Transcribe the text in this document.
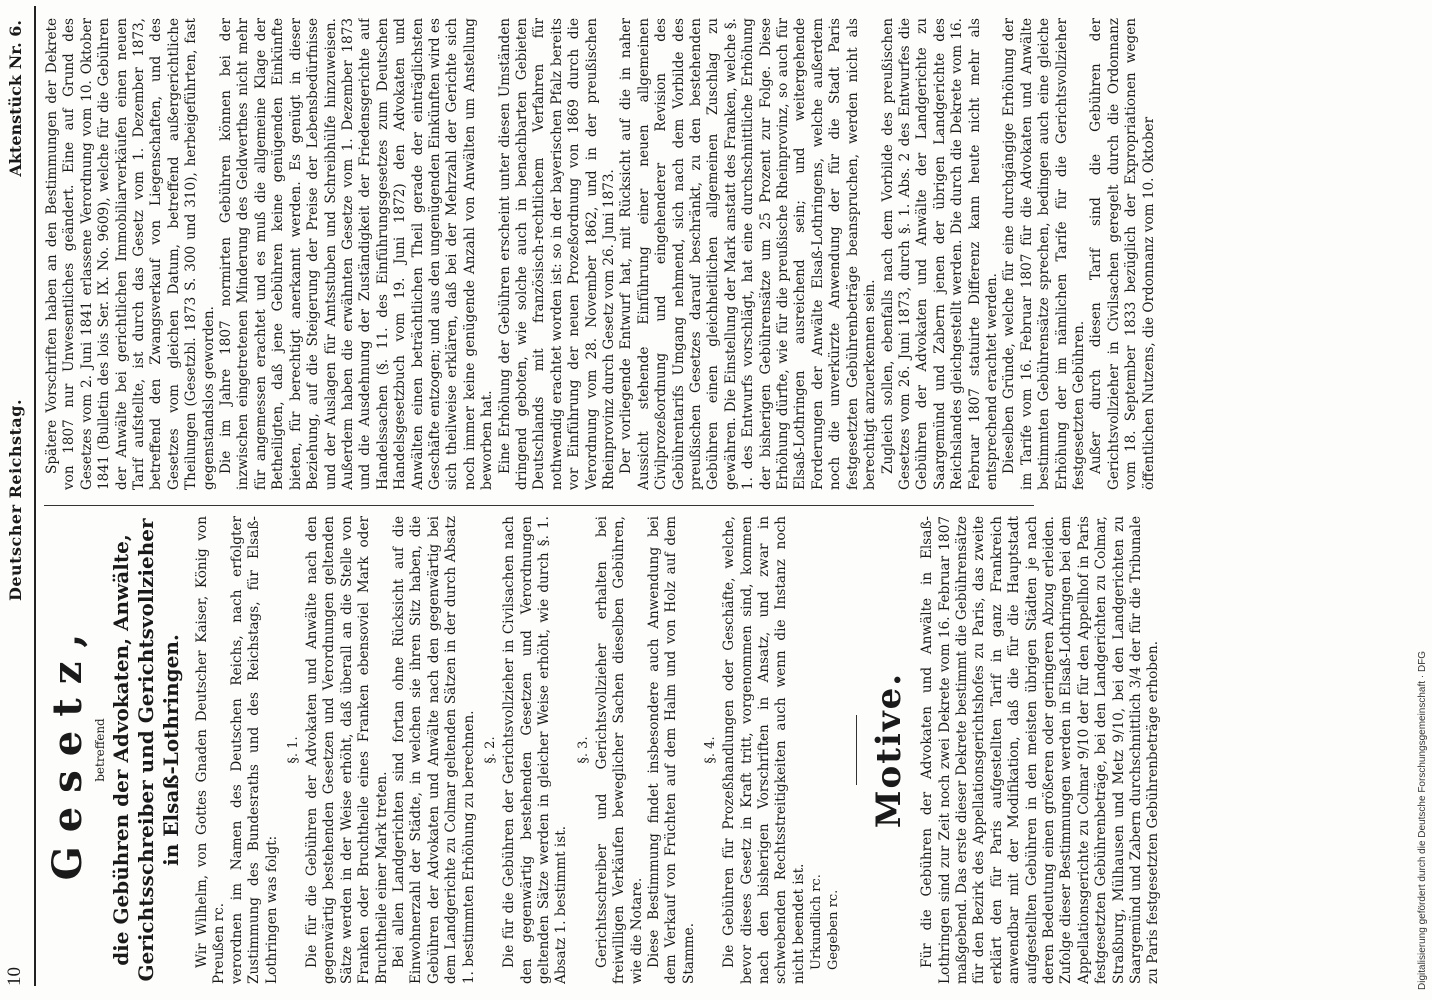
10
Deutscher Reichstag.
Aktenstück Nr. 6.
Gesetz, betreffend die Gebühren der Advokaten, Anwälte, Gerichtsschreiber und Gerichtsvollzieher in Elsaß-Lothringen. Wir Wilhelm, von Gottes Gnaden Deutscher Kaiser, König von Preußen rc. verordnen im Namen des Deutschen Reichs, nach erfolgter Zustimmung des Bundesraths und des Reichstags, für Elsaß-Lothringen was folgt:

§. 1. Die für die Gebühren der Advokaten und Anwälte nach den gegenwärtig bestehenden Gesetzen und Verordnungen geltenden Sätze werden in der Weise erhöht, daß überall an die Stelle von Franken oder Bruchtheile eines Franken ebensoviel Mark oder Bruchtheile einer Mark treten. Bei allen Landgerichten sind fortan ohne Rücksicht auf die Einwohnerzahl der Städte, in welchen sie ihren Sitz haben, die Gebühren der Advokaten und Anwälte nach den gegenwärtig bei dem Landgerichte zu Colmar geltenden Sätzen in der durch Absatz 1. bestimmten Erhöhung zu berechnen. §. 2. Die für die Gebühren der Gerichtsvollzieher in Civilsachen nach den gegenwärtig bestehenden Gesetzen und Verordnungen geltenden Sätze werden in gleicher Weise erhöht, wie durch §. 1. Absatz 1. bestimmt ist.

§. 3. Gerichtsschreiber und Gerichtsvollzieher erhalten bei freiwilligen Verkäufen beweglicher Sachen dieselben Gebühren, wie die Notare. Diese Bestimmung findet insbesondere auch Anwendung bei dem Verkauf von Früchten auf dem Halm und von Holz auf dem Stamme.

§. 4. Die Gebühren für Prozeßhandlungen oder Geschäfte, welche, bevor dieses Gesetz in Kraft tritt, vorgenommen sind, kommen nach den bisherigen Vorschriften in Ansatz, und zwar in schwebenden Rechtsstreitigkeiten auch wenn die Instanz noch nicht beendet ist. Urkundlich rc. Gegeben rc.

Motive. Für die Gebühren der Advokaten und Anwälte in Elsaß-Lothringen sind zur Zeit noch zwei Dekrete vom 16. Februar 1807 maßgebend. Das erste dieser Dekrete bestimmt die Gebührensätze für den Bezirk des Appellationsgerichtshofes zu Paris, das zweite erklärt den für Paris aufgestellten Tarif in ganz Frankreich anwendbar mit der Modifikation, daß die für die Hauptstadt aufgestellten Gebühren in den meisten übrigen Städten je nach deren Bedeutung einen größeren oder geringeren Abzug erleiden. Zufolge dieser Bestimmungen werden in Elsaß-Lothringen bei dem Appellationsgerichte zu Colmar 9/10 der für den Appellhof in Paris festgesetzten Gebührenbeträge, bei den Landgerichten zu Colmar, Straßburg, Mülhausen und Metz 9/10, bei den Landgerichten zu Saargemünd und Zabern durchschnittlich 3/4 der für die Tribunale zu Paris festgesetzten Gebührenbeträge erhoben.

Spätere Vorschriften haben an den Bestimmungen der Dekrete von 1807 nur Unwesentliches geändert. Eine auf Grund des Gesetzes vom 2. Juni 1841 erlassene Verordnung vom 10. Oktober 1841 (Bulletin des lois Ser. IX. No. 9609), welche für die Gebühren der Anwälte bei gerichtlichen Immobiliarverkäufen einen neuen Tarif aufstellte, ist durch das Gesetz vom 1. Dezember 1873, betreffend den Zwangsverkauf von Liegenschaften, und des Gesetzes vom gleichen Datum, betreffend außergerichtliche Theilungen (Gesetzbl. 1873 S. 300 und 310), herbeigeführten, fast gegenstandslos geworden. Die im Jahre 1807 normirten Gebühren können bei der inzwischen eingetretenen Minderung des Geldwerthes nicht mehr für angemessen erachtet und es muß die allgemeine Klage der Betheiligten, daß jene Gebühren keine genügenden Einkünfte bieten, für berechtigt anerkannt werden. Es genügt in dieser Beziehung, auf die Steigerung der Preise der Lebensbedürfnisse und der Auslagen für Amtsstuben und Schreibhülfe hinzuweisen. Außerdem haben die erwähnten Gesetze vom 1. Dezember 1873 und die Ausdehnung der Zuständigkeit der Friedensgerichte auf Handelssachen (§. 11. des Einführungsgesetzes zum Deutschen Handelsgesetzbuch vom 19. Juni 1872) den Advokaten und Anwälten einen beträchtlichen Theil gerade der einträglichsten Geschäfte entzogen; und aus den ungenügenden Einkünften wird es sich theilweise erklären, daß bei der Mehrzahl der Gerichte sich noch immer keine genügende Anzahl von Anwälten um Anstellung beworben hat. Eine Erhöhung der Gebühren erscheint unter diesen Umständen dringend geboten, wie solche auch in benachbarten Gebieten Deutschlands mit französisch-rechtlichem Verfahren für nothwendig erachtet worden ist: so in der bayerischen Pfalz bereits vor Einführung der neuen Prozeßordnung von 1869 durch die Verordnung vom 28. November 1862, und in der preußischen Rheinprovinz durch Gesetz vom 26. Juni 1873. Der vorliegende Entwurf hat, mit Rücksicht auf die in naher Aussicht stehende Einführung einer neuen allgemeinen Civilprozeßordnung und eingehenderer Revision des Gebührentarifs Umgang nehmend, sich nach dem Vorbilde des preußischen Gesetzes darauf beschränkt, zu den bestehenden Gebühren einen gleichheitlichen allgemeinen Zuschlag zu gewähren. Die Einstellung der Mark anstatt des Franken, welche §. 1. des Entwurfs vorschlägt, hat eine durchschnittliche Erhöhung der bisherigen Gebührensätze um 25 Prozent zur Folge. Diese Erhöhung dürfte, wie für die preußische Rheinprovinz, so auch für Elsaß-Lothringen ausreichend sein; und weitergehende Forderungen der Anwälte Elsaß-Lothringens, welche außerdem noch die unverkürzte Anwendung der für die Stadt Paris festgesetzten Gebührenbeträge beanspruchen, werden nicht als berechtigt anzuerkennen sein. Zugleich sollen, ebenfalls nach dem Vorbilde des preußischen Gesetzes vom 26. Juni 1873, durch §. 1. Abs. 2 des Entwurfes die Gebühren der Advokaten und Anwälte der Landgerichte zu Saargemünd und Zabern jenen der übrigen Landgerichte des Reichslandes gleichgestellt werden. Die durch die Dekrete vom 16. Februar 1807 statuirte Differenz kann heute nicht mehr als entsprechend erachtet werden. Dieselben Gründe, welche für eine durchgängige Erhöhung der im Tarife vom 16. Februar 1807 für die Advokaten und Anwälte bestimmten Gebührensätze sprechen, bedingen auch eine gleiche Erhöhung der im nämlichen Tarife für die Gerichtsvollzieher festgesetzten Gebühren. Außer durch diesen Tarif sind die Gebühren der Gerichtsvollzieher in Civilsachen geregelt durch die Ordonnanz vom 18. September 1833 bezüglich der Expropriationen wegen öffentlichen Nutzens, die Ordonnanz vom 10. Oktober

Digitalisierung gefördert durch die Deutsche Forschungsgemeinschaft · DFG
